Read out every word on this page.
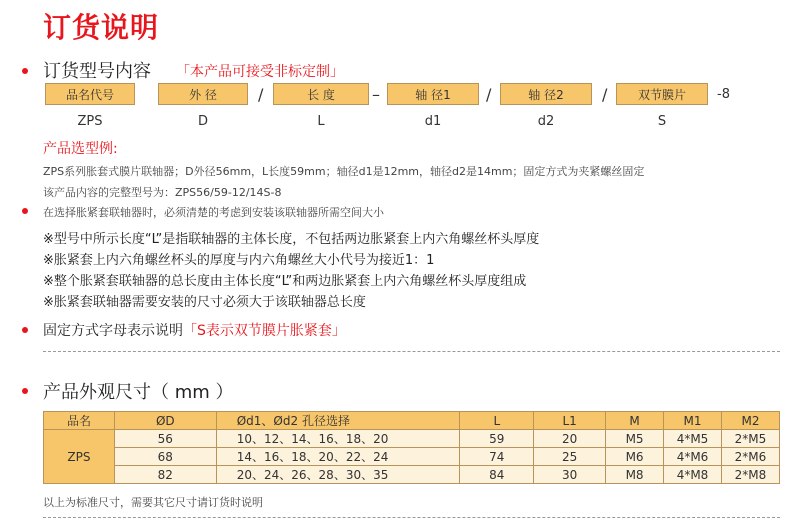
订货说明
订货型号内容 「本产品可接受非标定制」
品名代号	外 径	长 度	轴 径1	轴 径2	双节膜片
/	–	/	/	-8
ZPS	D	L	d1	d2	S
产品选型例:
ZPS系列胀套式膜片联轴器；D外径56mm，L长度59mm；轴径d1是12mm，轴径d2是14mm；固定方式为夹紧螺丝固定
该产品内容的完整型号为：ZPS56/59-12/14S-8
在选择胀紧套联轴器时，必须清楚的考虑到安装该联轴器所需空间大小
※型号中所示长度“L”是指联轴器的主体长度，不包括两边胀紧套上内六角螺丝杯头厚度
※胀紧套上内六角螺丝杯头的厚度与内六角螺丝大小代号为接近1：1
※整个胀紧套联轴器的总长度由主体长度“L”和两边胀紧套上内六角螺丝杯头厚度组成
※胀紧套联轴器需要安装的尺寸必须大于该联轴器总长度
固定方式字母表示说明 「S表示双节膜片胀紧套」
产品外观尺寸（ mm ）
品名	ØD	Ød1、Ød2 孔径选择	L	L1	M	M1	M2
ZPS	56	10、12、14、16、18、20	59	20	M5	4*M5	2*M5
	68	14、16、18、20、22、24	74	25	M6	4*M6	2*M6
	82	20、24、26、28、30、35	84	30	M8	4*M8	2*M8
以上为标准尺寸，需要其它尺寸请订货时说明
